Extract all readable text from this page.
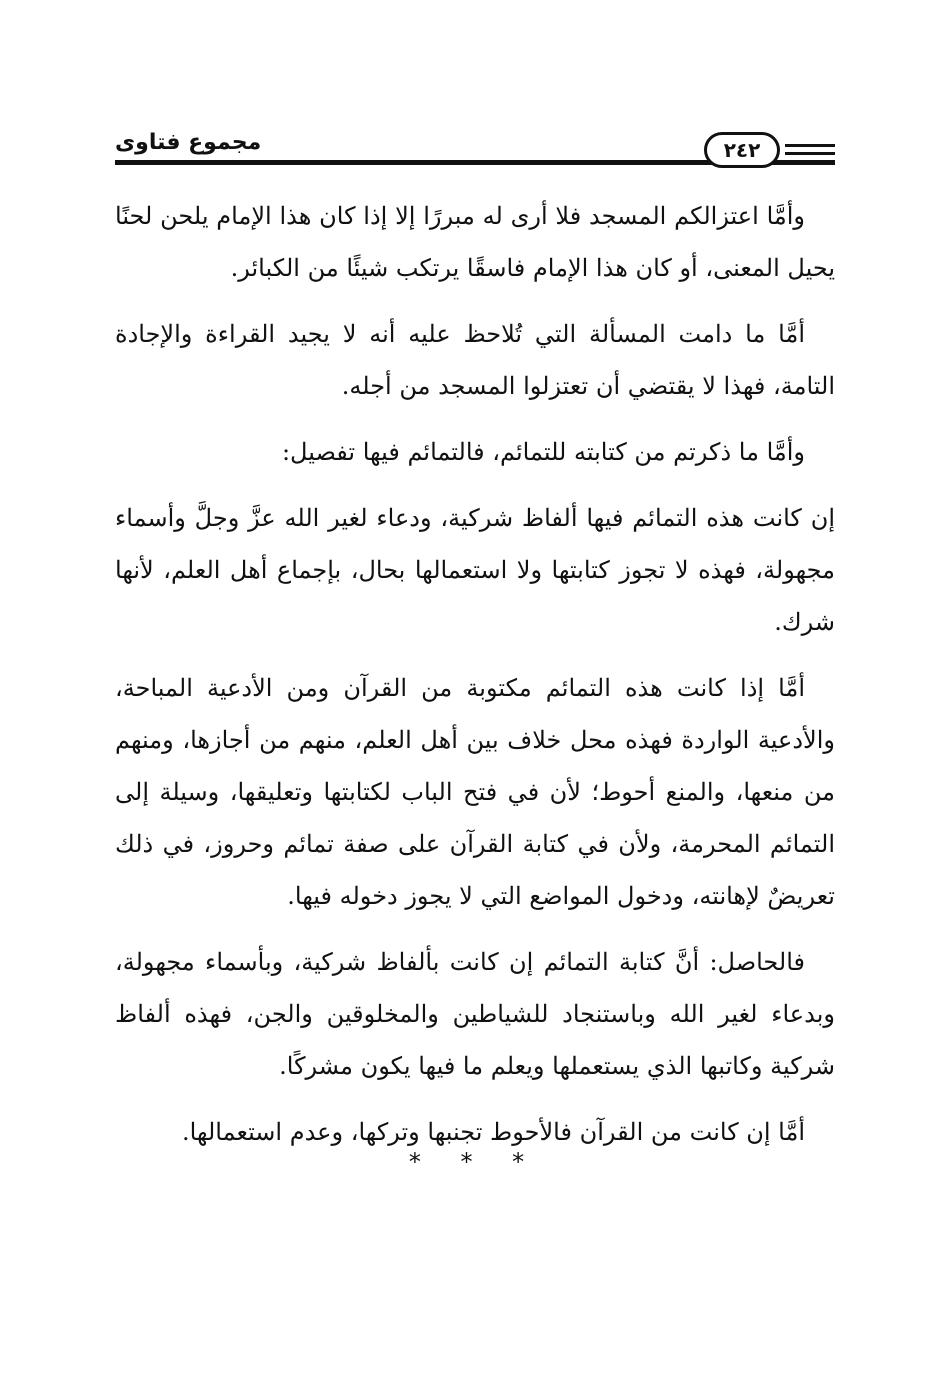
مجموع فتاوى	٢٤٢

وأمَّا اعتزالكم المسجد فلا أرى له مبررًا إلا إذا كان هذا الإمام يلحن لحنًا يحيل المعنى، أو كان هذا الإمام فاسقًا يرتكب شيئًا من الكبائر.

أمَّا ما دامت المسألة التي تُلاحظ عليه أنه لا يجيد القراءة والإجادة التامة، فهذا لا يقتضي أن تعتزلوا المسجد من أجله.

وأمَّا ما ذكرتم من كتابته للتمائم، فالتمائم فيها تفصيل:

إن كانت هذه التمائم فيها ألفاظ شركية، ودعاء لغير الله عزَّ وجلَّ وأسماء مجهولة، فهذه لا تجوز كتابتها ولا استعمالها بحال، بإجماع أهل العلم، لأنها شرك.

أمَّا إذا كانت هذه التمائم مكتوبة من القرآن ومن الأدعية المباحة، والأدعية الواردة فهذه محل خلاف بين أهل العلم، منهم من أجازها، ومنهم من منعها، والمنع أحوط؛ لأن في فتح الباب لكتابتها وتعليقها، وسيلة إلى التمائم المحرمة، ولأن في كتابة القرآن على صفة تمائم وحروز، في ذلك تعريضٌ لإهانته، ودخول المواضع التي لا يجوز دخوله فيها.

فالحاصل: أنَّ كتابة التمائم إن كانت بألفاظ شركية، وبأسماء مجهولة، وبدعاء لغير الله وباستنجاد للشياطين والمخلوقين والجن، فهذه ألفاظ شركية وكاتبها الذي يستعملها ويعلم ما فيها يكون مشركًا.

أمَّا إن كانت من القرآن فالأحوط تجنبها وتركها، وعدم استعمالها.

* * *
